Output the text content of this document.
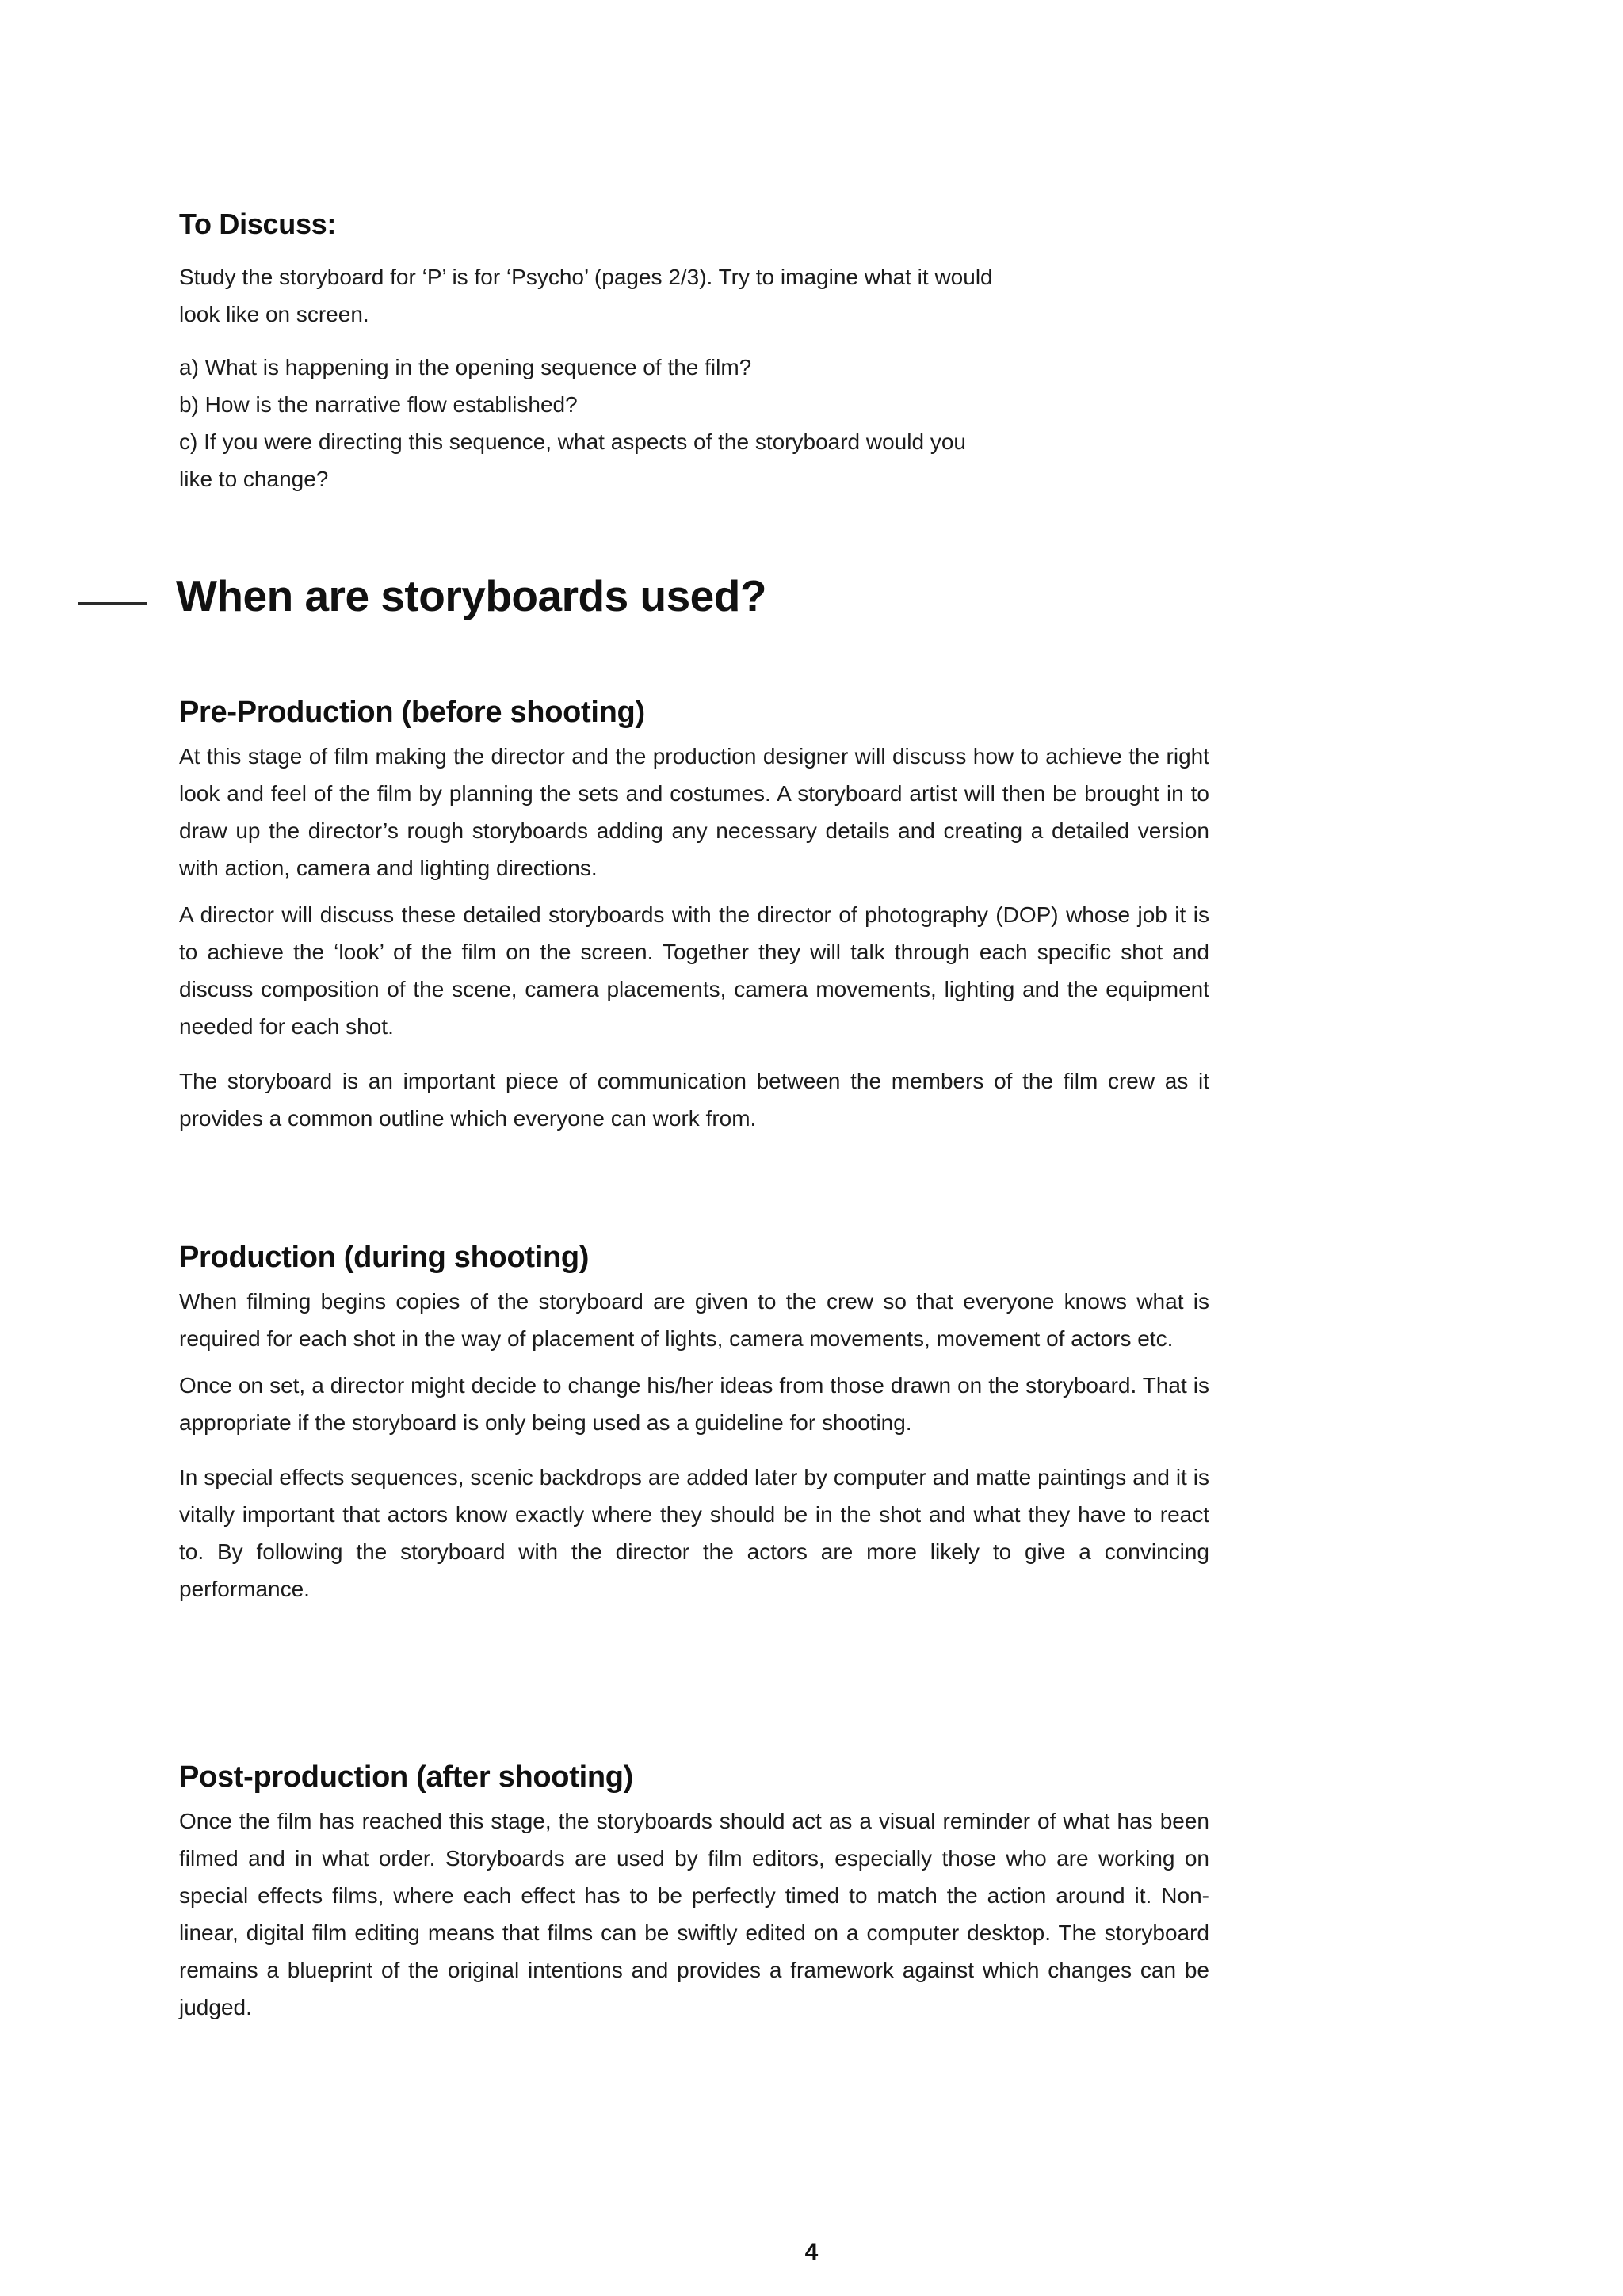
To Discuss:

Study the storyboard for ‘P’ is for ‘Psycho’ (pages 2/3). Try to imagine what it would

look like on screen.

a) What is happening in the opening sequence of the film?

b) How is the narrative flow established?

c) If you were directing this sequence, what aspects of the storyboard would you

like to change?

When are storyboards used?
Pre-Production (before shooting)

At this stage of film making the director and the production designer will discuss how to achieve the right look and feel of the film by planning the sets and costumes. A storyboard artist will then be brought in to draw up the director’s rough storyboards adding any necessary details and creating a detailed version with action, camera and lighting directions.

A director will discuss these detailed storyboards with the director of photography (DOP) whose job it is to achieve the ‘look’ of the film on the screen. Together they will talk through each specific shot and discuss composition of the scene, camera placements, camera movements, lighting and the equipment needed for each shot.

The storyboard is an important piece of communication between the members of the film crew as it provides a common outline which everyone can work from.

Production (during shooting)

When filming begins copies of the storyboard are given to the crew so that everyone knows what is required for each shot in the way of placement of lights, camera movements, movement of actors etc.

Once on set, a director might decide to change his/her ideas from those drawn on the storyboard. That is appropriate if the storyboard is only being used as a guideline for shooting.

In special effects sequences, scenic backdrops are added later by computer and matte paintings and it is vitally important that actors know exactly where they should be in the shot and what they have to react to. By following the storyboard with the director the actors are more likely to give a convincing performance.

Post-production (after shooting)

Once the film has reached this stage, the storyboards should act as a visual reminder of what has been filmed and in what order. Storyboards are used by film editors, especially those who are working on special effects films, where each effect has to be perfectly timed to match the action around it. Non-linear, digital film editing means that films can be swiftly edited on a computer desktop. The storyboard remains a blueprint of the original intentions and provides a framework against which changes can be judged.

4
